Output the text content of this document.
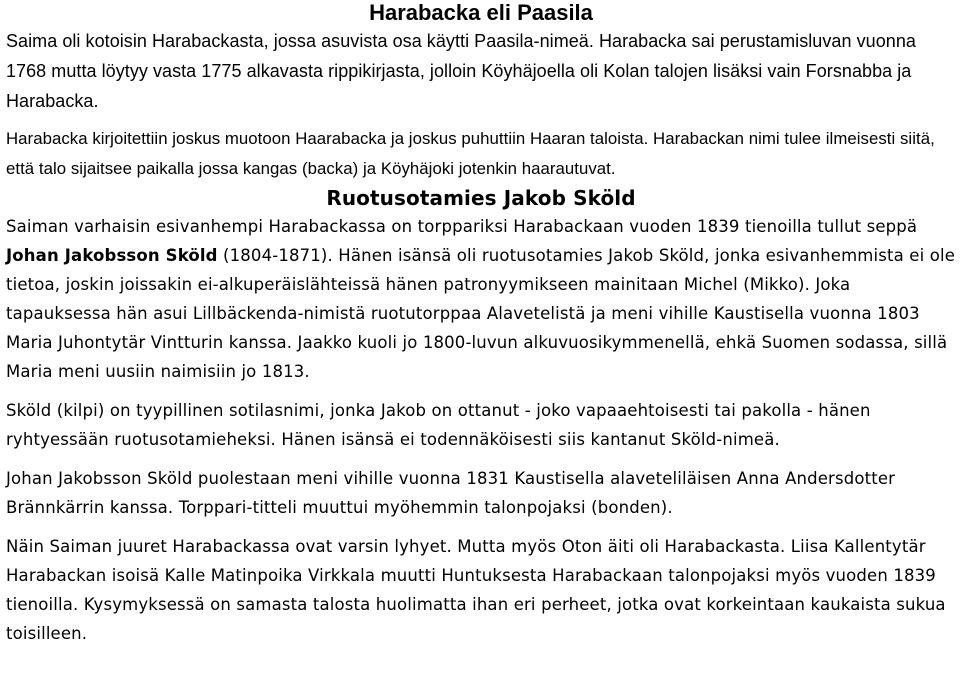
Harabacka eli Paasila

Saima oli kotoisin Harabackasta, jossa asuvista osa käytti Paasila-nimeä. Harabacka sai perustamisluvan vuonna 1768 mutta löytyy vasta 1775 alkavasta rippikirjasta, jolloin Köyhäjoella oli Kolan talojen lisäksi vain Forsnabba ja Harabacka.

Harabacka kirjoitettiin joskus muotoon Haarabacka ja joskus puhuttiin Haaran taloista. Harabackan nimi tulee ilmeisesti siitä, että talo sijaitsee paikalla jossa kangas (backa) ja Köyhäjoki jotenkin haarautuvat.

Ruotusotamies Jakob Sköld

Saiman varhaisin esivanhempi Harabackassa on torppariksi Harabackaan vuoden 1839 tienoilla tullut seppä Johan Jakobsson Sköld (1804-1871). Hänen isänsä oli ruotusotamies Jakob Sköld, jonka esivanhemmista ei ole tietoa, joskin joissakin ei-alkuperäislähteissä hänen patronyymikseen mainitaan Michel (Mikko). Joka tapauksessa hän asui Lillbäckenda-nimistä ruotutorppaa Alavetelistä ja meni vihille Kaustisella vuonna 1803 Maria Juhontytär Vintturin kanssa. Jaakko kuoli jo 1800-luvun alkuvuosikymmenellä, ehkä Suomen sodassa, sillä Maria meni uusiin naimisiin jo 1813.

Sköld (kilpi) on tyypillinen sotilasnimi, jonka Jakob on ottanut - joko vapaaehtoisesti tai pakolla - hänen ryhtyessään ruotusotamieheksi. Hänen isänsä ei todennäköisesti siis kantanut Sköld-nimeä.

Johan Jakobsson Sköld puolestaan meni vihille vuonna 1831 Kaustisella alaveteliläisen Anna Andersdotter Brännkärrin kanssa. Torppari-titteli muuttui myöhemmin talonpojaksi (bonden).

Näin Saiman juuret Harabackassa ovat varsin lyhyet. Mutta myös Oton äiti oli Harabackasta. Liisa Kallentytär Harabackan isoisä Kalle Matinpoika Virkkala muutti Huntuksesta Harabackaan talonpojaksi myös vuoden 1839 tienoilla. Kysymyksessä on samasta talosta huolimatta ihan eri perheet, jotka ovat korkeintaan kaukaista sukua toisilleen.
